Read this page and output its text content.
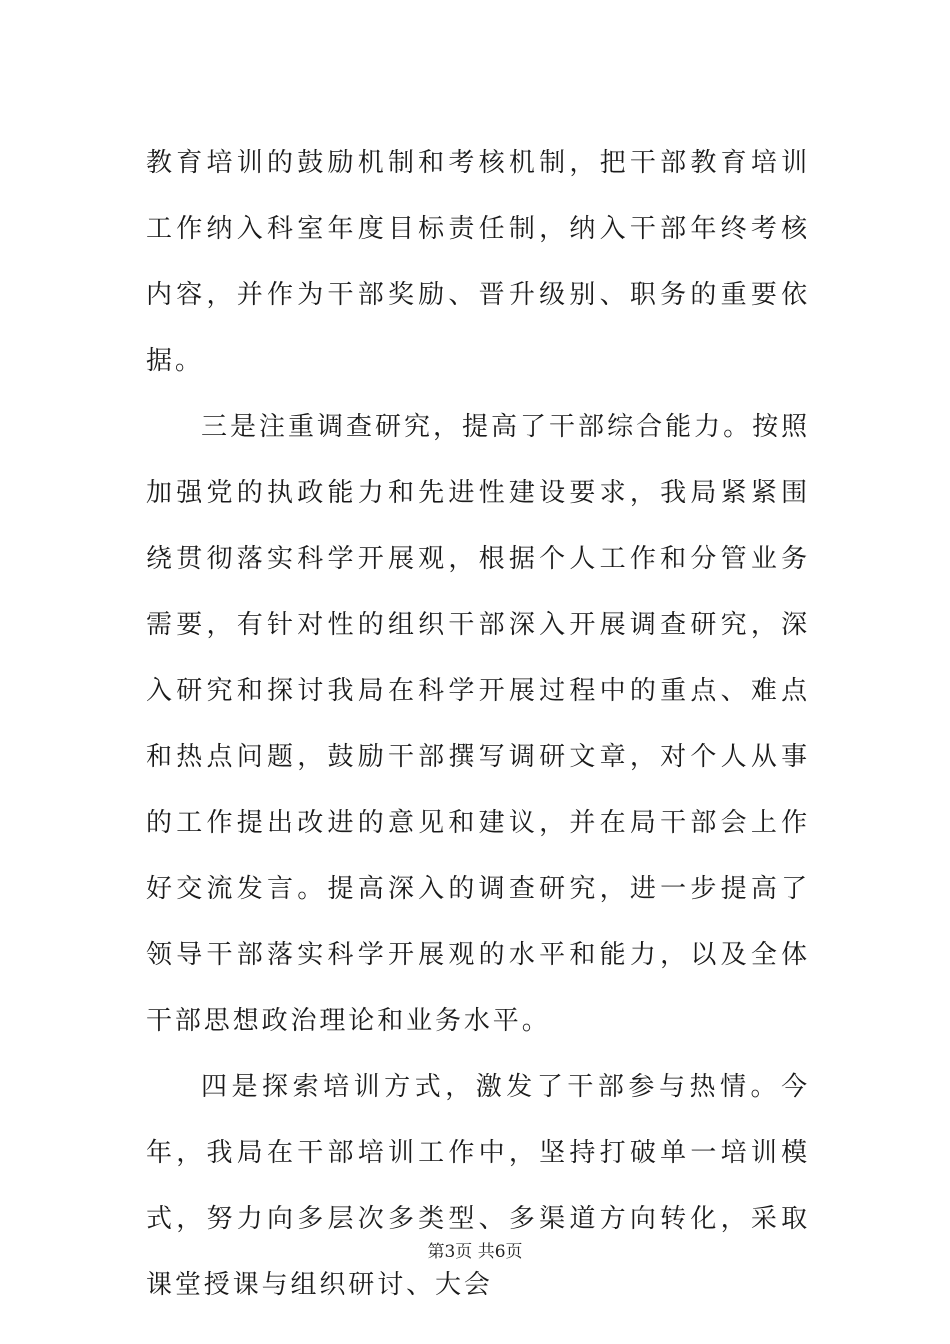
教育培训的鼓励机制和考核机制，把干部教育培训工作纳入科室年度目标责任制，纳入干部年终考核内容，并作为干部奖励、晋升级别、职务的重要依据。

三是注重调查研究，提高了干部综合能力。按照加强党的执政能力和先进性建设要求，我局紧紧围绕贯彻落实科学开展观，根据个人工作和分管业务需要，有针对性的组织干部深入开展调查研究，深入研究和探讨我局在科学开展过程中的重点、难点和热点问题，鼓励干部撰写调研文章，对个人从事的工作提出改进的意见和建议，并在局干部会上作好交流发言。提高深入的调查研究，进一步提高了领导干部落实科学开展观的水平和能力，以及全体干部思想政治理论和业务水平。

四是探索培训方式，激发了干部参与热情。今年，我局在干部培训工作中，坚持打破单一培训模式，努力向多层次多类型、多渠道方向转化，采取课堂授课与组织研讨、大会

第3页 共6页
